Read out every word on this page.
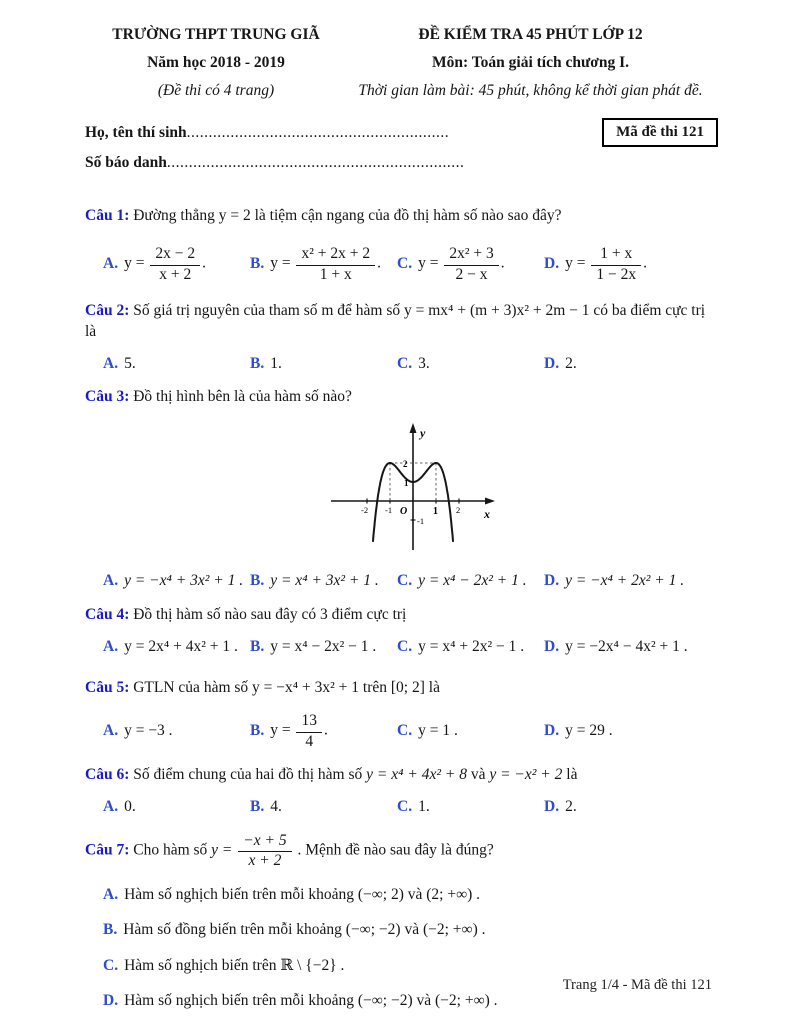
TRƯỜNG THPT TRUNG GIÃ
Năm học 2018 - 2019
(Đề thi có 4 trang)
ĐỀ KIỂM TRA 45 PHÚT LỚP 12
Môn: Toán giải tích chương I.
Thời gian làm bài: 45 phút, không kể thời gian phát đề.
Họ, tên thí sinh............................................................
Số báo danh....................................................................
Mã đề thi 121
Câu 1: Đường thẳng y = 2 là tiệm cận ngang của đồ thị hàm số nào sao đây?
A. $y = \frac{2x - 2}{x + 2}$ .	B. $y = \frac{\text{x² + 2x + 2}}{1 + x}$ .	C. $y = \frac{\text{2x² + 3}}{2 - x}$ .	D. $y = \frac{1 + x}{1 - 2x}$ .
Câu 2: Số giá trị nguyên của tham số m để hàm số y = mx⁴ + (m + 3)x² + 2m − 1 có ba điểm cực trị là
A. 5.	B. 1.	C. 3.	D. 2.
Câu 3: Đồ thị hình bên là của hàm số nào?
y
x
O
-2 -1	1 2
2
1
-1
A. y = −x⁴ + 3x² + 1 . B. y = x⁴ + 3x² + 1 .	C. y = x⁴ − 2x² + 1 .	D. y = −x⁴ + 2x² + 1 .
Câu 4: Đồ thị hàm số nào sau đây có 3 điểm cực trị
A. y = 2x⁴ + 4x² + 1 . B. y = x⁴ − 2x² − 1 .	C. y = x⁴ + 2x² − 1 .	D. y = −2x⁴ − 4x² + 1 .
Câu 5: GTLN của hàm số y = −x⁴ + 3x² + 1 trên [0; 2] là
A. y = −3 .	B. $y = \frac{13}{4}$ .	C. y = 1 .	D. y = 29 .
Câu 6: Số điểm chung của hai đồ thị hàm số y = x⁴ + 4x² + 8 và y = −x² + 2 là
A. 0.	B. 4.	C. 1.	D. 2.
Câu 7: Cho hàm số $y = \frac{-x + 5}{x + 2}$ . Mệnh đề nào sau đây là đúng?
A. Hàm số nghịch biến trên mỗi khoảng (−∞; 2) và (2; +∞) .
B. Hàm số đồng biến trên mỗi khoảng (−∞; −2) và (−2; +∞) .
C. Hàm số nghịch biến trên ℝ \ {−2} .
D. Hàm số nghịch biến trên mỗi khoảng (−∞; −2) và (−2; +∞) .
Trang 1/4 - Mã đề thi 121
